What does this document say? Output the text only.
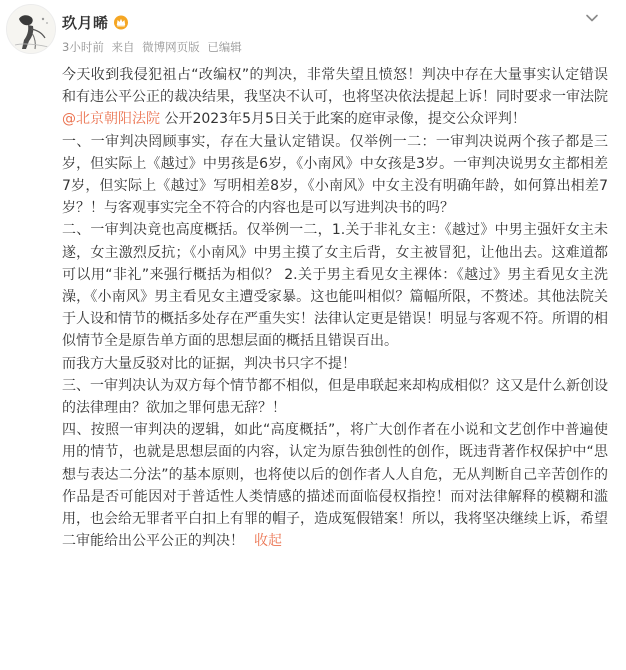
玖月晞
3小时前 来自 微博网页版 已编辑

今天收到我侵犯祖占“改编权”的判决，非常失望且愤怒！判决中存在大量事实认定错误和有违公平公正的裁决结果，我坚决不认可，也将坚决依法提起上诉！同时要求一审法院@北京朝阳法院 公开2023年5月5日关于此案的庭审录像，提交公众评判！

一、一审判决罔顾事实，存在大量认定错误。仅举例一二：一审判决说两个孩子都是三岁，但实际上《越过》中男孩是6岁，《小南风》中女孩是3岁。一审判决说男女主都相差7岁，但实际上《越过》写明相差8岁，《小南风》中女主没有明确年龄，如何算出相差7岁？！与客观事实完全不符合的内容也是可以写进判决书的吗？

二、一审判决竟也高度概括。仅举例一二，1.关于非礼女主：《越过》中男主强奸女主未遂，女主激烈反抗；《小南风》中男主摸了女主后背，女主被冒犯，让他出去。这难道都可以用“非礼”来强行概括为相似？ 2.关于男主看见女主裸体：《越过》男主看见女主洗澡，《小南风》男主看见女主遭受家暴。这也能叫相似？篇幅所限，不赘述。其他法院关于人设和情节的概括多处存在严重失实！法律认定更是错误！明显与客观不符。所谓的相似情节全是原告单方面的思想层面的概括且错误百出。

而我方大量反驳对比的证据，判决书只字不提！

三、一审判决认为双方每个情节都不相似，但是串联起来却构成相似？这又是什么新创设的法律理由？欲加之罪何患无辞？！

四、按照一审判决的逻辑，如此“高度概括”，将广大创作者在小说和文艺创作中普遍使用的情节，也就是思想层面的内容，认定为原告独创性的创作，既违背著作权保护中“思想与表达二分法”的基本原则，也将使以后的创作者人人自危，无从判断自己辛苦创作的作品是否可能因对于普适性人类情感的描述而面临侵权指控！而对法律解释的模糊和滥用，也会给无罪者平白扣上有罪的帽子，造成冤假错案！所以，我将坚决继续上诉，希望二审能给出公平公正的判决！ 收起
